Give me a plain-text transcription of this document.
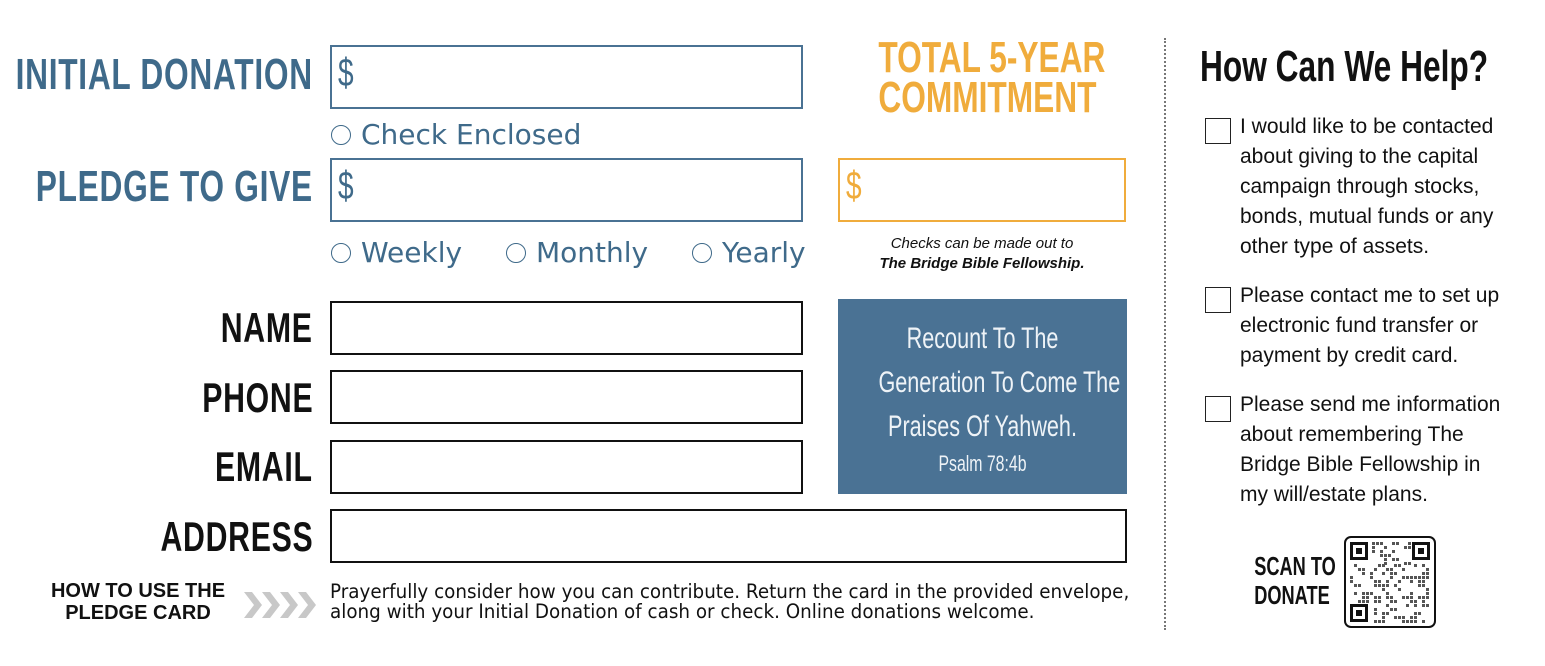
INITIAL DONATION
PLEDGE TO GIVE
$
Check Enclosed
$
Weekly	Monthly	Yearly
NAME
PHONE
EMAIL
ADDRESS
TOTAL 5-YEAR
COMMITMENT
$
Checks can be made out to
The Bridge Bible Fellowship.
Recount To The
Generation To Come The
Praises Of Yahweh.
Psalm 78:4b
HOW TO USE THE
PLEDGE CARD
Prayerfully consider how you can contribute. Return the card in the provided envelope,
along with your Initial Donation of cash or check. Online donations welcome.
How Can We Help?
I would like to be contacted
about giving to the capital
campaign through stocks,
bonds, mutual funds or any
other type of assets.
Please contact me to set up
electronic fund transfer or
payment by credit card.
Please send me information
about remembering The
Bridge Bible Fellowship in
my will/estate plans.
SCAN TO
DONATE
